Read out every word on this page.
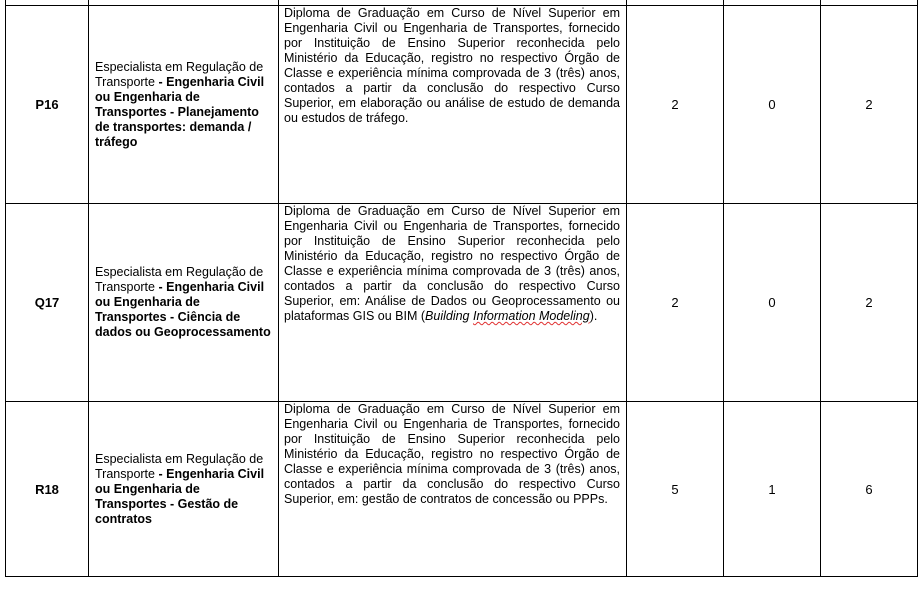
P16	Especialista em Regulação de Transporte - Engenharia Civil ou Engenharia de Transportes - Planejamento de transportes: demanda / tráfego	Diploma de Graduação em Curso de Nível Superior em Engenharia Civil ou Engenharia de Transportes, fornecido por Instituição de Ensino Superior reconhecida pelo Ministério da Educação, registro no respectivo Órgão de Classe e experiência mínima comprovada de 3 (três) anos, contados a partir da conclusão do respectivo Curso Superior, em elaboração ou análise de estudo de demanda ou estudos de tráfego.	2	0	2
Q17	Especialista em Regulação de Transporte - Engenharia Civil ou Engenharia de Transportes - Ciência de dados ou Geoprocessamento	Diploma de Graduação em Curso de Nível Superior em Engenharia Civil ou Engenharia de Transportes, fornecido por Instituição de Ensino Superior reconhecida pelo Ministério da Educação, registro no respectivo Órgão de Classe e experiência mínima comprovada de 3 (três) anos, contados a partir da conclusão do respectivo Curso Superior, em: Análise de Dados ou Geoprocessamento ou plataformas GIS ou BIM (Building Information Modeling).	2	0	2
R18	Especialista em Regulação de Transporte - Engenharia Civil ou Engenharia de Transportes - Gestão de contratos	Diploma de Graduação em Curso de Nível Superior em Engenharia Civil ou Engenharia de Transportes, fornecido por Instituição de Ensino Superior reconhecida pelo Ministério da Educação, registro no respectivo Órgão de Classe e experiência mínima comprovada de 3 (três) anos, contados a partir da conclusão do respectivo Curso Superior, em: gestão de contratos de concessão ou PPPs.	5	1	6
